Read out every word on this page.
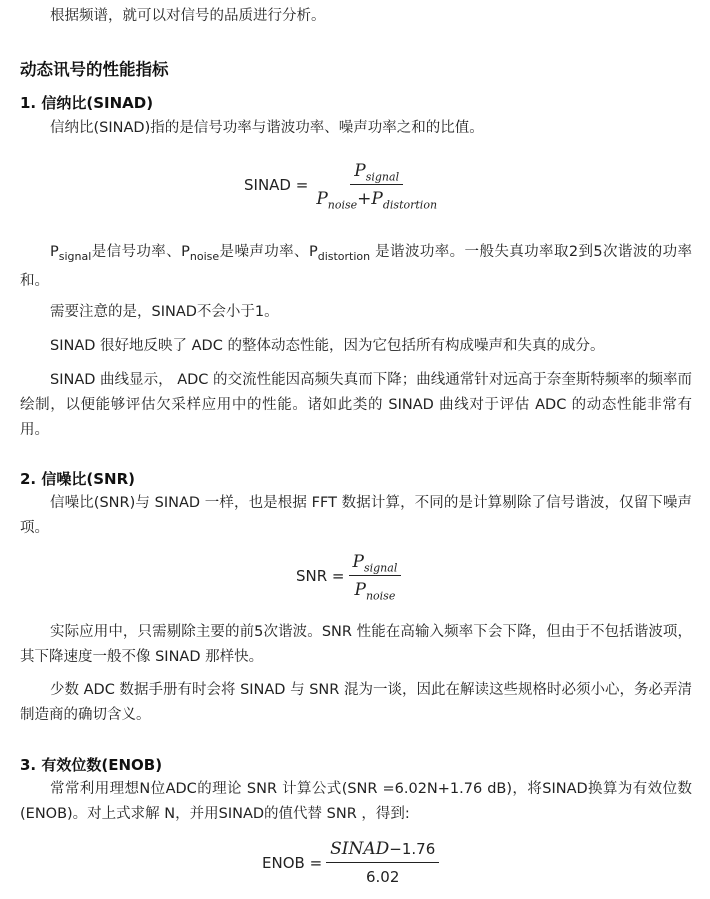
根据频谱，就可以对信号的品质进行分析。

动态讯号的性能指标
1. 信纳比(SINAD)

信纳比(SINAD)指的是信号功率与谐波功率、噪声功率之和的比值。

SINAD = $\frac{P_{signal}}{P_{noise}+P_{distortion}}$

$P_{signal}$是信号功率、$P_{noise}$是噪声功率、$P_{distortion}$ 是谐波功率。一般失真功率取2到5次谐波的功率和。

需要注意的是，SINAD不会小于1。

SINAD 很好地反映了 ADC 的整体动态性能，因为它包括所有构成噪声和失真的成分。

SINAD 曲线显示， ADC 的交流性能因高频失真而下降；曲线通常针对远高于奈奎斯特频率的频率而绘制，以便能够评估欠采样应用中的性能。诸如此类的 SINAD 曲线对于评估 ADC 的动态性能非常有用。

2. 信噪比(SNR)

信噪比(SNR)与 SINAD 一样，也是根据 FFT 数据计算，不同的是计算剔除了信号谐波，仅留下噪声项。

SNR = $\frac{P_{signal}}{P_{noise}}$

实际应用中，只需剔除主要的前5次谐波。SNR 性能在高输入频率下会下降，但由于不包括谐波项，其下降速度一般不像 SINAD 那样快。

少数 ADC 数据手册有时会将 SINAD 与 SNR 混为一谈，因此在解读这些规格时必须小心，务必弄清制造商的确切含义。

3. 有效位数(ENOB)

常常利用理想N位ADC的理论 SNR 计算公式(SNR =6.02N+1.76 dB)，将SINAD换算为有效位数(ENOB)。对上式求解 N，并用SINAD的值代替 SNR ，得到:

ENOB = $\frac{\text{SINAD−1.76}}{6.02}$
